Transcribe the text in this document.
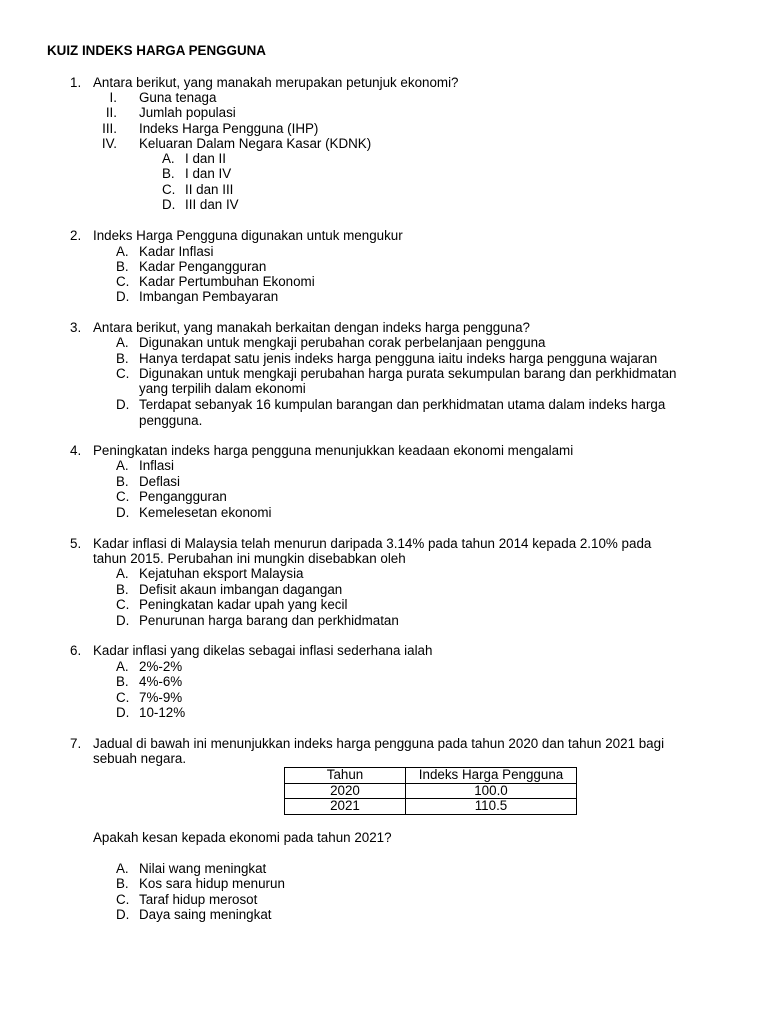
KUIZ INDEKS HARGA PENGGUNA
1. Antara berikut, yang manakah merupakan petunjuk ekonomi?
I. Guna tenaga
II. Jumlah populasi
III. Indeks Harga Pengguna (IHP)
IV. Keluaran Dalam Negara Kasar (KDNK)
A. I dan II
B. I dan IV
C. II dan III
D. III dan IV
2. Indeks Harga Pengguna digunakan untuk mengukur
A. Kadar Inflasi
B. Kadar Pengangguran
C. Kadar Pertumbuhan Ekonomi
D. Imbangan Pembayaran
3. Antara berikut, yang manakah berkaitan dengan indeks harga pengguna?
A. Digunakan untuk mengkaji perubahan corak perbelanjaan pengguna
B. Hanya terdapat satu jenis indeks harga pengguna iaitu indeks harga pengguna wajaran
C. Digunakan untuk mengkaji perubahan harga purata sekumpulan barang dan perkhidmatan
yang terpilih dalam ekonomi
D. Terdapat sebanyak 16 kumpulan barangan dan perkhidmatan utama dalam indeks harga
pengguna.
4. Peningkatan indeks harga pengguna menunjukkan keadaan ekonomi mengalami
A. Inflasi
B. Deflasi
C. Pengangguran
D. Kemelesetan ekonomi
5. Kadar inflasi di Malaysia telah menurun daripada 3.14% pada tahun 2014 kepada 2.10% pada
tahun 2015. Perubahan ini mungkin disebabkan oleh
A. Kejatuhan eksport Malaysia
B. Defisit akaun imbangan dagangan
C. Peningkatan kadar upah yang kecil
D. Penurunan harga barang dan perkhidmatan
6. Kadar inflasi yang dikelas sebagai inflasi sederhana ialah
A. 2%-2%
B. 4%-6%
C. 7%-9%
D. 10-12%
7. Jadual di bawah ini menunjukkan indeks harga pengguna pada tahun 2020 dan tahun 2021 bagi
sebuah negara.
Tahun	Indeks Harga Pengguna
2020	100.0
2021	110.5
Apakah kesan kepada ekonomi pada tahun 2021?
A. Nilai wang meningkat
B. Kos sara hidup menurun
C. Taraf hidup merosot
D. Daya saing meningkat
